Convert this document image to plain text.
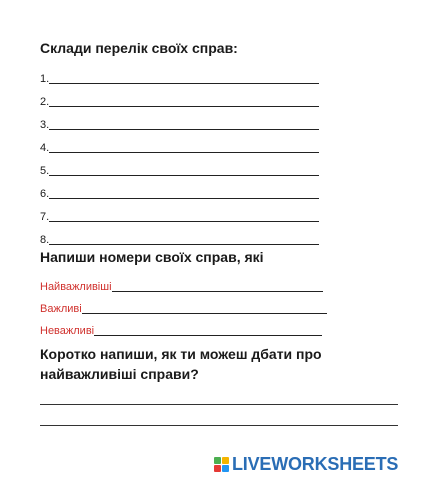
Склади перелік своїх справ:
1.
2.
3.
4.
5.
6.
7.
8.
Напиши номери своїх справ, які
Найважливіші
Важливі
Неважливі
Коротко напиши, як ти можеш дбати про
найважливіші справи?
LIVEWORKSHEETS
